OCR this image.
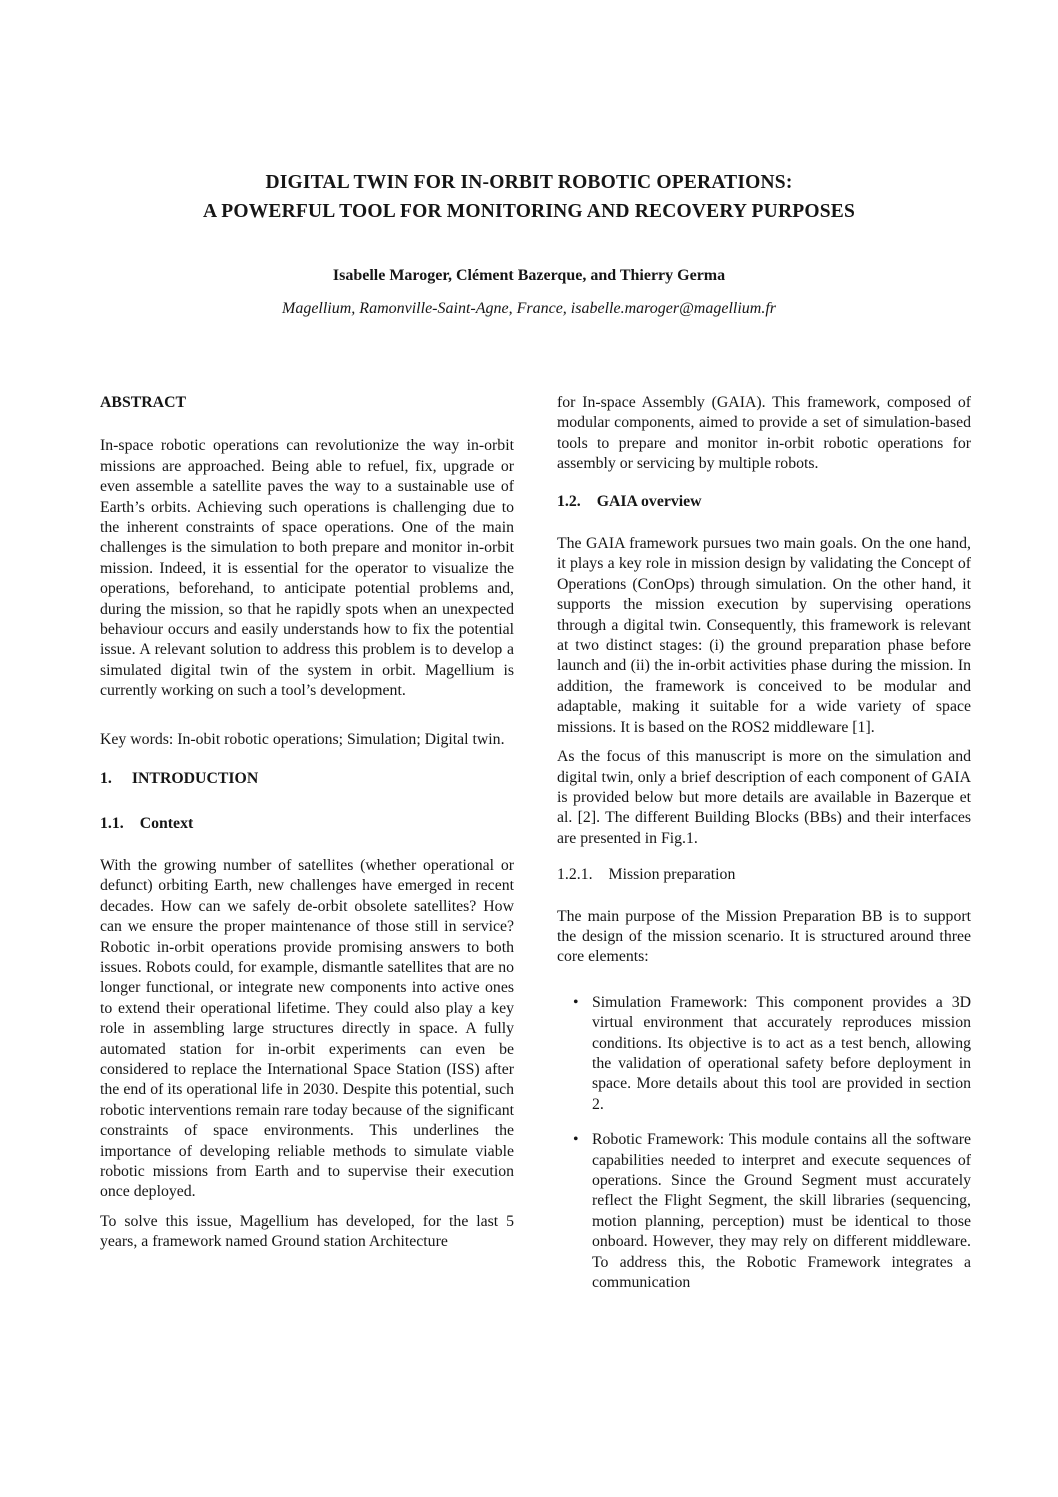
DIGITAL TWIN FOR IN-ORBIT ROBOTIC OPERATIONS:
A POWERFUL TOOL FOR MONITORING AND RECOVERY PURPOSES
Isabelle Maroger, Clément Bazerque, and Thierry Germa
Magellium, Ramonville-Saint-Agne, France, isabelle.maroger@magellium.fr
ABSTRACT

In-space robotic operations can revolutionize the way in-orbit missions are approached. Being able to refuel, fix, upgrade or even assemble a satellite paves the way to a sustainable use of Earth’s orbits. Achieving such operations is challenging due to the inherent constraints of space operations. One of the main challenges is the simulation to both prepare and monitor in-orbit mission. Indeed, it is essential for the operator to visualize the operations, beforehand, to anticipate potential problems and, during the mission, so that he rapidly spots when an unexpected behaviour occurs and easily understands how to fix the potential issue. A relevant solution to address this problem is to develop a simulated digital twin of the system in orbit. Magellium is currently working on such a tool’s development.

Key words: In-obit robotic operations; Simulation; Digital twin.

1. INTRODUCTION
1.1. Context

With the growing number of satellites (whether operational or defunct) orbiting Earth, new challenges have emerged in recent decades. How can we safely de-orbit obsolete satellites? How can we ensure the proper maintenance of those still in service? Robotic in-orbit operations provide promising answers to both issues. Robots could, for example, dismantle satellites that are no longer functional, or integrate new components into active ones to extend their operational lifetime. They could also play a key role in assembling large structures directly in space. A fully automated station for in-orbit experiments can even be considered to replace the International Space Station (ISS) after the end of its operational life in 2030. Despite this potential, such robotic interventions remain rare today because of the significant constraints of space environments. This underlines the importance of developing reliable methods to simulate viable robotic missions from Earth and to supervise their execution once deployed.

To solve this issue, Magellium has developed, for the last 5 years, a framework named Ground station Architecture

for In-space Assembly (GAIA). This framework, composed of modular components, aimed to provide a set of simulation-based tools to prepare and monitor in-orbit robotic operations for assembly or servicing by multiple robots.

1.2. GAIA overview

The GAIA framework pursues two main goals. On the one hand, it plays a key role in mission design by validating the Concept of Operations (ConOps) through simulation. On the other hand, it supports the mission execution by supervising operations through a digital twin. Consequently, this framework is relevant at two distinct stages: (i) the ground preparation phase before launch and (ii) the in-orbit activities phase during the mission. In addition, the framework is conceived to be modular and adaptable, making it suitable for a wide variety of space missions. It is based on the ROS2 middleware [1].

As the focus of this manuscript is more on the simulation and digital twin, only a brief description of each component of GAIA is provided below but more details are available in Bazerque et al. [2]. The different Building Blocks (BBs) and their interfaces are presented in Fig.1.

1.2.1. Mission preparation

The main purpose of the Mission Preparation BB is to support the design of the mission scenario. It is structured around three core elements:

• Simulation Framework: This component provides a 3D virtual environment that accurately reproduces mission conditions. Its objective is to act as a test bench, allowing the validation of operational safety before deployment in space. More details about this tool are provided in section 2.
• Robotic Framework: This module contains all the software capabilities needed to interpret and execute sequences of operations. Since the Ground Segment must accurately reflect the Flight Segment, the skill libraries (sequencing, motion planning, perception) must be identical to those onboard. However, they may rely on different middleware. To address this, the Robotic Framework integrates a communication
